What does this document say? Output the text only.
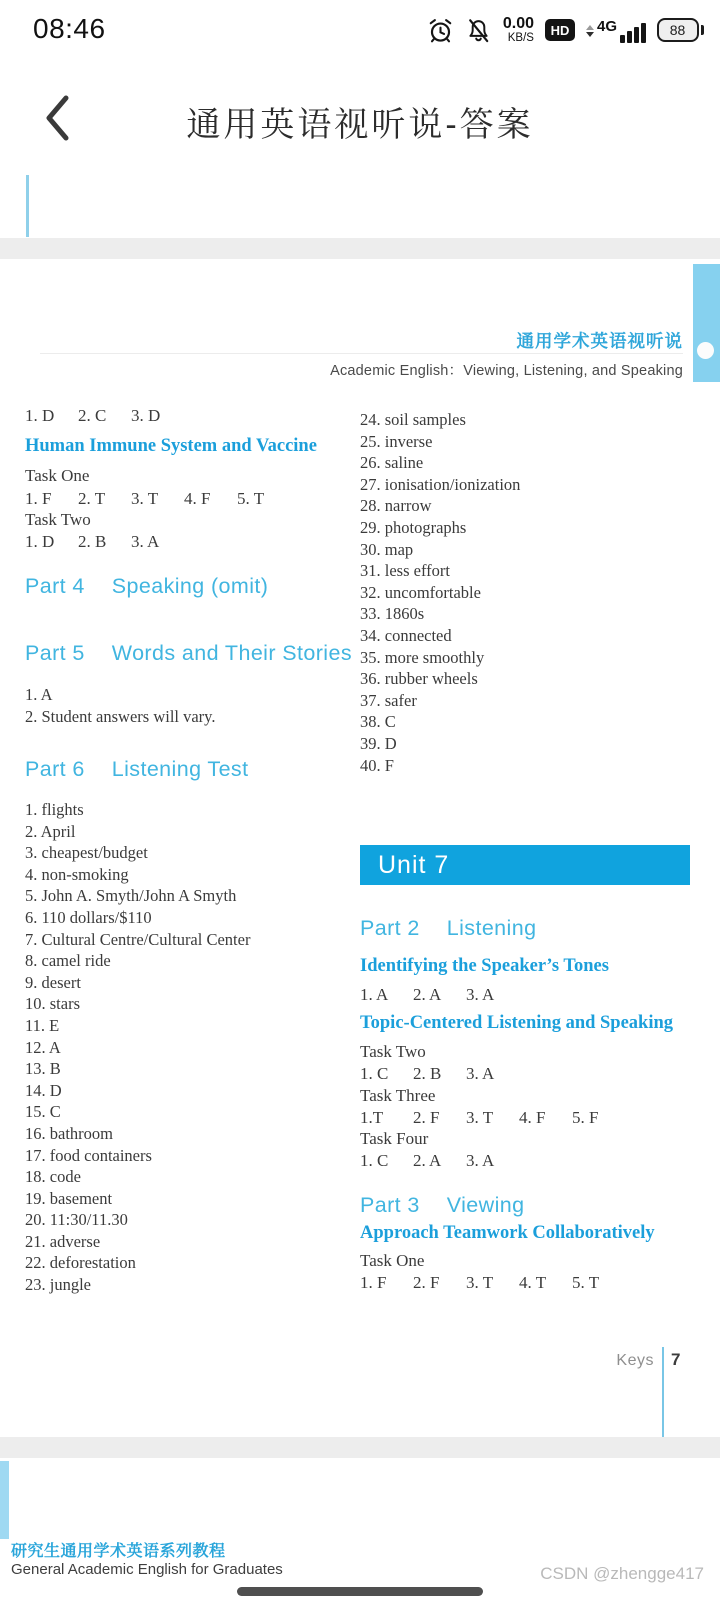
08:46	0.00
KB/S
HD	4G	88
通用英语视听说-答案
通用学术英语视听说
Academic English：Viewing, Listening, and Speaking
1. D 2. C 3. D
Human Immune System and Vaccine
Task One
1. F 2. T 3. T 4. F 5. T
Task Two
1. D 2. B 3. A
Part 4 Speaking (omit)
Part 5 Words and Their Stories
1. A
2. Student answers will vary.
Part 6 Listening Test
1. flights
2. April
3. cheapest/budget
4. non-smoking
5. John A. Smyth/John A Smyth
6. 110 dollars/$110
7. Cultural Centre/Cultural Center
8. camel ride
9. desert
10. stars
11. E
12. A
13. B
14. D
15. C
16. bathroom
17. food containers
18. code
19. basement
20. 11:30/11.30
21. adverse
22. deforestation
23. jungle
24. soil samples
25. inverse
26. saline
27. ionisation/ionization
28. narrow
29. photographs
30. map
31. less effort
32. uncomfortable
33. 1860s
34. connected
35. more smoothly
36. rubber wheels
37. safer
38. C
39. D
40. F
Unit 7
Part 2 Listening
Identifying the Speaker’s Tones
1. A 2. A 3. A
Topic-Centered Listening and Speaking
Task Two
1. C 2. B 3. A
Task Three
1.T 2. F 3. T 4. F 5. F
Task Four
1. C 2. A 3. A
Part 3 Viewing
Approach Teamwork Collaboratively
Task One
1. F 2. F 3. T 4. T 5. T
Keys 7
研究生通用学术英语系列教程
General Academic English for Graduates	CSDN @zhengge417
